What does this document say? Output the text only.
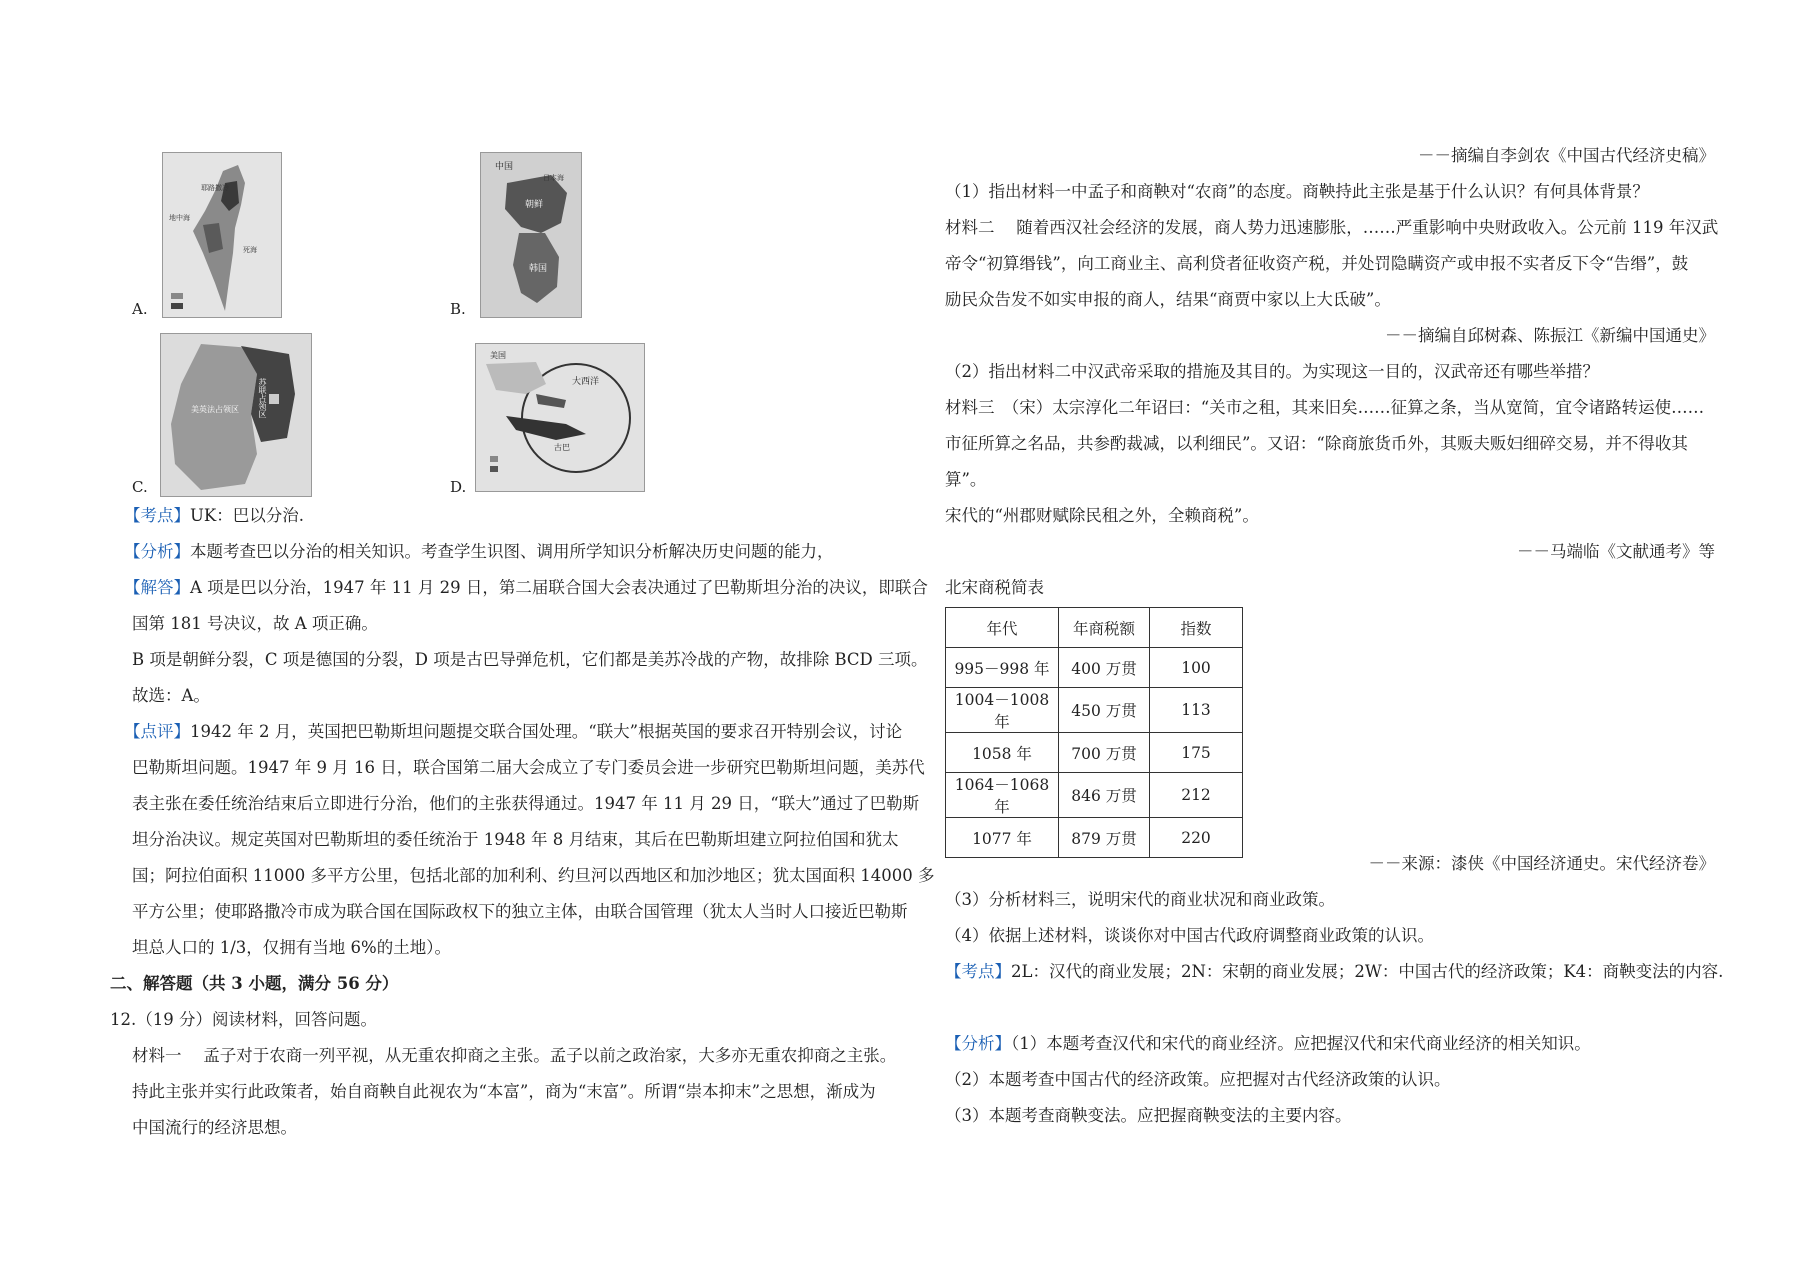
耶路撒冷
地中海
死海
A.
中国
朝鲜
韩国
日本海
B.
苏联占领区
美英法占领区
C.
美国
大西洋
古巴
D.
【考点】UK：巴以分治.
【分析】本题考查巴以分治的相关知识。考查学生识图、调用所学知识分析解决历史问题的能力，
【解答】A 项是巴以分治，1947 年 11 月 29 日，第二届联合国大会表决通过了巴勒斯坦分治的决议，即联合
国第 181 号决议，故 A 项正确。
B 项是朝鲜分裂，C 项是德国的分裂，D 项是古巴导弹危机，它们都是美苏冷战的产物，故排除 BCD 三项。
故选：A。
【点评】1942 年 2 月，英国把巴勒斯坦问题提交联合国处理。“联大”根据英国的要求召开特别会议，讨论
巴勒斯坦问题。1947 年 9 月 16 日，联合国第二届大会成立了专门委员会进一步研究巴勒斯坦问题，美苏代
表主张在委任统治结束后立即进行分治，他们的主张获得通过。1947 年 11 月 29 日，“联大”通过了巴勒斯
坦分治决议。规定英国对巴勒斯坦的委任统治于 1948 年 8 月结束，其后在巴勒斯坦建立阿拉伯国和犹太
国；阿拉伯面积 11000 多平方公里，包括北部的加利利、约旦河以西地区和加沙地区；犹太国面积 14000 多
平方公里；使耶路撒冷市成为联合国在国际政权下的独立主体，由联合国管理（犹太人当时人口接近巴勒斯
坦总人口的 1/3，仅拥有当地 6%的土地）。
二、解答题（共 3 小题，满分 56 分）
12.（19 分）阅读材料，回答问题。
材料一　 孟子对于农商一列平视，从无重农抑商之主张。孟子以前之政治家，大多亦无重农抑商之主张。
持此主张并实行此政策者，始自商鞅自此视农为“本富”，商为“末富”。所谓“崇本抑末”之思想，渐成为
中国流行的经济思想。
－－摘编自李剑农《中国古代经济史稿》
（1）指出材料一中孟子和商鞅对“农商”的态度。商鞅持此主张是基于什么认识？有何具体背景？
材料二　 随着西汉社会经济的发展，商人势力迅速膨胀，……严重影响中央财政收入。公元前 119 年汉武
帝令“初算缗钱”，向工商业主、高利贷者征收资产税，并处罚隐瞒资产或申报不实者反下令“告缗”，鼓
励民众告发不如实申报的商人，结果“商贾中家以上大氐破”。
－－摘编自邱树森、陈振江《新编中国通史》
（2）指出材料二中汉武帝采取的措施及其目的。为实现这一目的，汉武帝还有哪些举措？
材料三　（宋）太宗淳化二年诏曰：“关市之租，其来旧矣……征算之条，当从宽简，宜令诸路转运使……
市征所算之名品，共参酌裁减，以利细民”。又诏：“除商旅货币外，其贩夫贩妇细碎交易，并不得收其
算”。
宋代的“州郡财赋除民租之外，全赖商税”。
－－马端临《文献通考》等
北宋商税简表
年代	年商税额	指数
995－998 年	400 万贯	100
1004－1008 年	450 万贯	113
1058 年	700 万贯	175
1064－1068 年	846 万贯	212
1077 年	879 万贯	220
－－来源：漆侠《中国经济通史。宋代经济卷》
（3）分析材料三，说明宋代的商业状况和商业政策。
（4）依据上述材料，谈谈你对中国古代政府调整商业政策的认识。
【考点】2L：汉代的商业发展；2N：宋朝的商业发展；2W：中国古代的经济政策；K4：商鞅变法的内容.
【分析】（1）本题考查汉代和宋代的商业经济。应把握汉代和宋代商业经济的相关知识。
（2）本题考查中国古代的经济政策。应把握对古代经济政策的认识。
（3）本题考查商鞅变法。应把握商鞅变法的主要内容。
